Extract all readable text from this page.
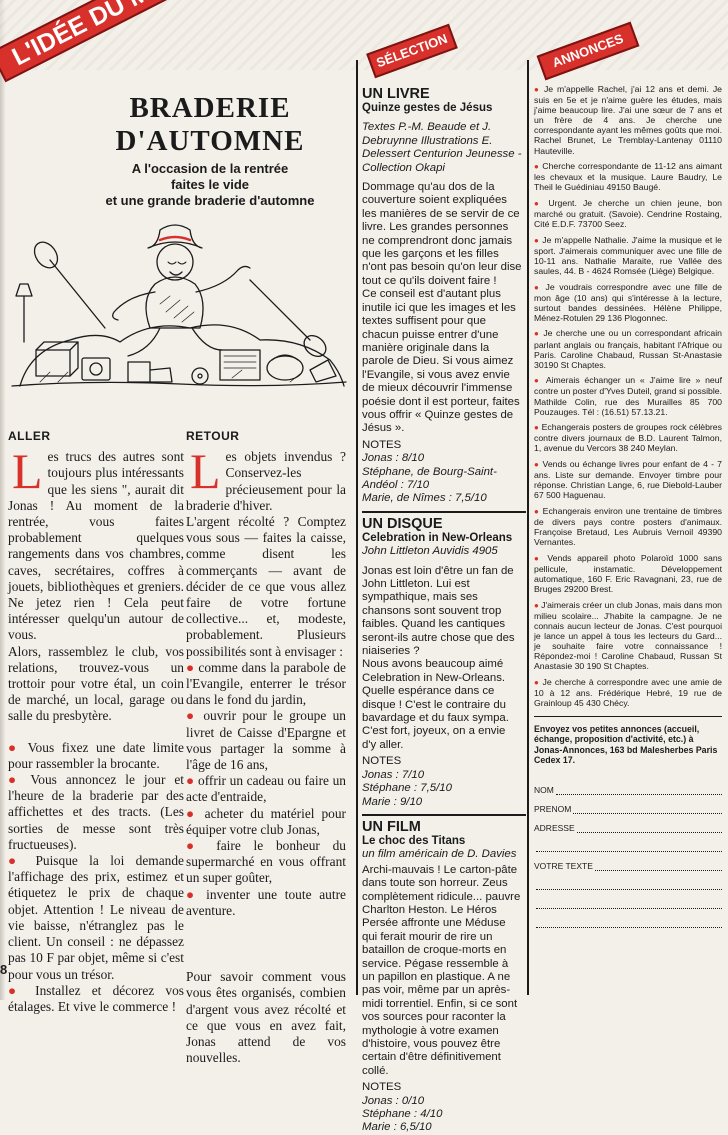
SÉLECTION	ANNONCES
BRADERIE
D'AUTOMNE
A l'occasion de la rentrée
faites le vide
et une grande braderie d'automne
ALLER

Les trucs des autres sont toujours plus intéressants que les siens ", aurait dit Jonas ! Au moment de la rentrée, vous faites probablement quelques rangements dans vos chambres, caves, secrétaires, coffres à jouets, bibliothèques et greniers. Ne jetez rien ! Cela peut intéresser quelqu'un autour de vous.

Alors, rassemblez le club, vos relations, trouvez-vous un trottoir pour votre étal, un coin de marché, un local, garage ou salle du presbytère.

● Vous fixez une date limite pour rassembler la brocante.

● Vous annoncez le jour et l'heure de la braderie par des affichettes et des tracts. (Les sorties de messe sont très fructueuses).

● Puisque la loi demande l'affichage des prix, estimez et étiquetez le prix de chaque objet. Attention ! Le niveau de vie baisse, n'étranglez pas le client. Un conseil : ne dépassez pas 10 F par objet, même si c'est pour vous un trésor.

● Installez et décorez vos étalages. Et vive le commerce !

RETOUR

Les objets invendus ? Conservez-les précieusement pour la braderie d'hiver.

L'argent récolté ? Comptez vous sous — faites la caisse, comme disent les commerçants — avant de décider de ce que vous allez faire de votre fortune collective... et, modeste, probablement. Plusieurs possibilités sont à envisager :

● comme dans la parabole de l'Evangile, enterrer le trésor dans le fond du jardin,

● ouvrir pour le groupe un livret de Caisse d'Epargne et vous partager la somme à l'âge de 16 ans,

● offrir un cadeau ou faire un acte d'entraide,

● acheter du matériel pour équiper votre club Jonas,

● faire le bonheur du supermarché en vous offrant un super goûter,

● inventer une toute autre aventure.

Pour savoir comment vous vous êtes organisés, combien d'argent vous avez récolté et ce que vous en avez fait, Jonas attend de vos nouvelles.

8
UN LIVRE
Quinze gestes de Jésus
Textes P.-M. Beaude et J. Debruynne Illustrations E. Delessert Centurion Jeunesse - Collection Okapi

Dommage qu'au dos de la couverture soient expliquées les manières de se servir de ce livre. Les grandes personnes ne comprendront donc jamais que les garçons et les filles n'ont pas besoin qu'on leur dise tout ce qu'ils doivent faire !

Ce conseil est d'autant plus inutile ici que les images et les textes suffisent pour que chacun puisse entrer d'une manière originale dans la parole de Dieu. Si vous aimez l'Evangile, si vous avez envie de mieux découvrir l'immense poésie dont il est porteur, faites vous offrir « Quinze gestes de Jésus ».

NOTES
Jonas : 8/10
Stéphane, de Bourg-Saint-Andéol : 7/10
Marie, de Nîmes : 7,5/10
UN DISQUE
Celebration in New-Orleans
John Littleton Auvidis 4905

Jonas est loin d'être un fan de John Littleton. Lui est sympathique, mais ses chansons sont souvent trop faibles. Quand les cantiques seront-ils autre chose que des niaiseries ?

Nous avons beaucoup aimé Celebration in New-Orleans. Quelle espérance dans ce disque ! C'est le contraire du bavardage et du faux sympa. C'est fort, joyeux, on a envie d'y aller.

NOTES
Jonas : 7/10
Stéphane : 7,5/10
Marie : 9/10
UN FILM
Le choc des Titans
un film américain de D. Davies

Archi-mauvais ! Le carton-pâte dans toute son horreur. Zeus complètement ridicule... pauvre Charlton Heston. Le Héros Persée affronte une Méduse qui ferait mourir de rire un bataillon de croque-morts en service. Pégase ressemble à un papillon en plastique. A ne pas voir, même par un après-midi torrentiel. Enfin, si ce sont vos sources pour raconter la mythologie à votre examen d'histoire, vous pouvez être certain d'être définitivement collé.

NOTES
Jonas : 0/10
Stéphane : 4/10
Marie : 6,5/10

● Je m'appelle Rachel, j'ai 12 ans et demi. Je suis en 5e et je n'aime guère les études, mais j'aime beaucoup lire. J'ai une sœur de 7 ans et un frère de 4 ans. Je cherche une correspondante ayant les mêmes goûts que moi. Rachel Brunet, Le Tremblay-Lantenay 01110 Hauteville.

● Cherche correspondante de 11-12 ans aimant les chevaux et la musique. Laure Baudry, Le Theil le Guédiniau 49150 Baugé.

● Urgent. Je cherche un chien jeune, bon marché ou gratuit. (Savoie). Cendrine Rostaing, Cité E.D.F. 73700 Seez.

● Je m'appelle Nathalie. J'aime la musique et le sport. J'aimerais communiquer avec une fille de 10-11 ans. Nathalie Maraite, rue Vallée des saules, 44. B - 4624 Romsée (Liège) Belgique.

● Je voudrais correspondre avec une fille de mon âge (10 ans) qui s'intéresse à la lecture, surtout bandes dessinées. Hélène Philippe, Ménez-Rotulen 29 136 Plogonnec.

● Je cherche une ou un correspondant africain parlant anglais ou français, habitant l'Afrique ou Paris. Caroline Chabaud, Russan St-Anastasie 30190 St Chaptes.

● Aimerais échanger un « J'aime lire » neuf contre un poster d'Yves Duteil, grand si possible. Mathilde Colin, rue des Murailles 85 700 Pouzauges. Tél : (16.51) 57.13.21.

● Echangerais posters de groupes rock célèbres contre divers journaux de B.D. Laurent Talmon, 1, avenue du Vercors 38 240 Meylan.

● Vends ou échange livres pour enfant de 4 - 7 ans. Liste sur demande. Envoyer timbre pour réponse. Christian Lange, 6, rue Diebold-Lauber 67 500 Haguenau.

● Echangerais environ une trentaine de timbres de divers pays contre posters d'animaux. Françoise Bretaud, Les Aubruis Vernoil 49390 Vernantes.

● Vends appareil photo Polaroïd 1000 sans pellicule, instamatic. Développement automatique, 160 F. Eric Ravagnani, 23, rue de Bruges 29200 Brest.

● J'aimerais créer un club Jonas, mais dans mon milieu scolaire... J'habite la campagne. Je ne connais aucun lecteur de Jonas. C'est pourquoi je lance un appel à tous les lecteurs du Gard... je souhaite faire votre connaissance ! Répondez-moi ! Caroline Chabaud, Russan St Anastasie 30 190 St Chaptes.

● Je cherche à correspondre avec une amie de 10 à 12 ans. Frédérique Hebré, 19 rue de Grainloup 45 430 Chécy.

Envoyez vos petites annonces (accueil, échange, proposition d'activité, etc.) à Jonas-Annonces, 163 bd Malesherbes Paris Cedex 17.
NOM
PRENOM
ADRESSE
VOTRE TEXTE
